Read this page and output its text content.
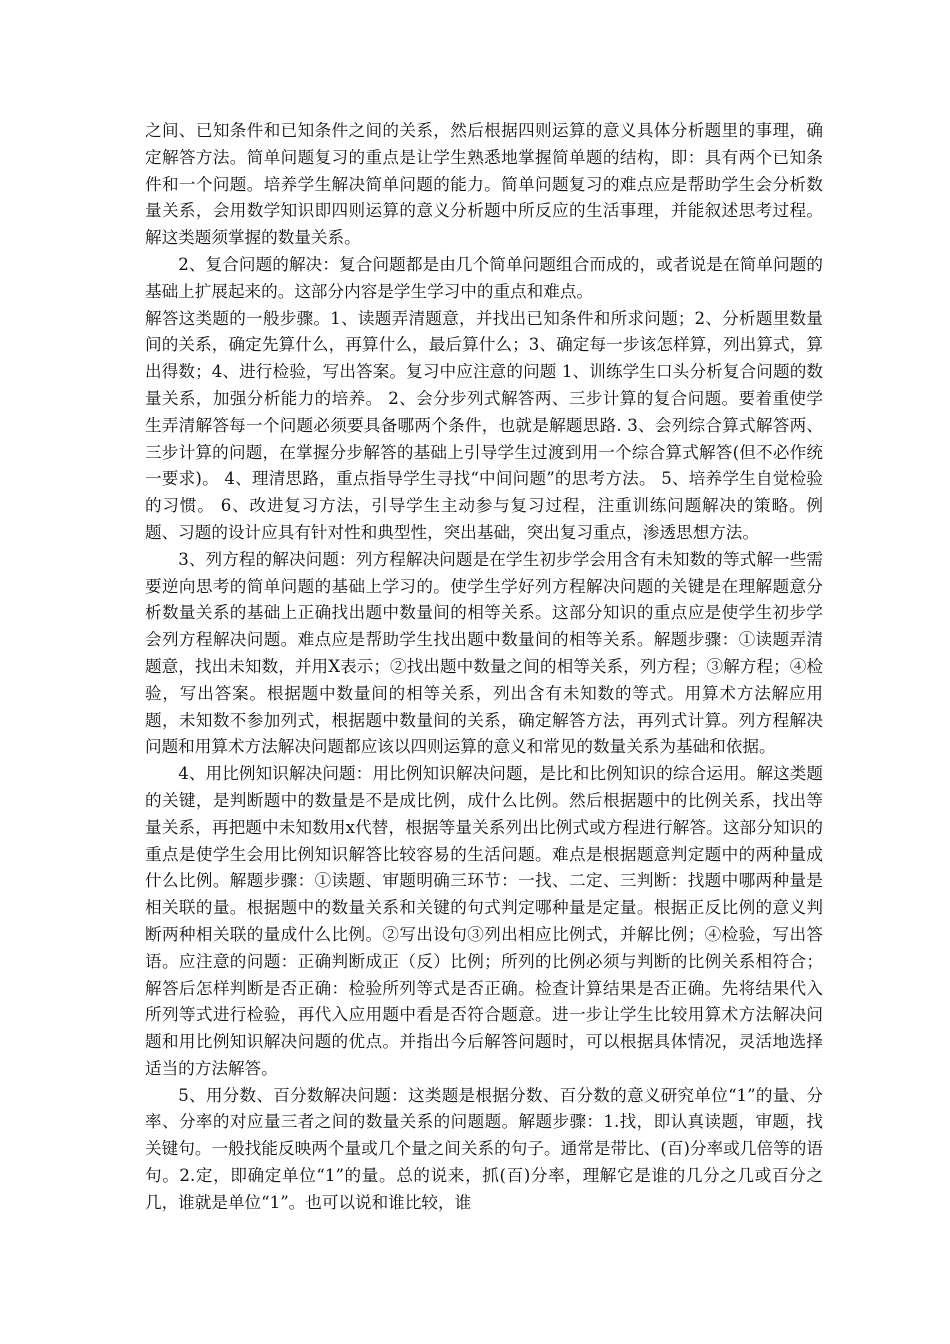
之间、已知条件和已知条件之间的关系，然后根据四则运算的意义具体分析题里的事理，确定解答方法。简单问题复习的重点是让学生熟悉地掌握简单题的结构，即：具有两个已知条件和一个问题。培养学生解决简单问题的能力。简单问题复习的难点应是帮助学生会分析数量关系，会用数学知识即四则运算的意义分析题中所反应的生活事理，并能叙述思考过程。解这类题须掌握的数量关系。

2、复合问题的解决：复合问题都是由几个简单问题组合而成的，或者说是在简单问题的基础上扩展起来的。这部分内容是学生学习中的重点和难点。

解答这类题的一般步骤。1、读题弄清题意，并找出已知条件和所求问题；2、分析题里数量间的关系，确定先算什么，再算什么，最后算什么；3、确定每一步该怎样算，列出算式，算出得数；4、进行检验，写出答案。复习中应注意的问题 1、训练学生口头分析复合问题的数量关系，加强分析能力的培养。 2、会分步列式解答两、三步计算的复合问题。要着重使学生弄清解答每一个问题必须要具备哪两个条件，也就是解题思路. 3、会列综合算式解答两、三步计算的问题，在掌握分步解答的基础上引导学生过渡到用一个综合算式解答(但不必作统一要求)。 4、理清思路，重点指导学生寻找“中间问题”的思考方法。 5、培养学生自觉检验的习惯。 6、改进复习方法，引导学生主动参与复习过程，注重训练问题解决的策略。例题、习题的设计应具有针对性和典型性，突出基础，突出复习重点，渗透思想方法。

3、列方程的解决问题：列方程解决问题是在学生初步学会用含有未知数的等式解一些需要逆向思考的简单问题的基础上学习的。使学生学好列方程解决问题的关键是在理解题意分析数量关系的基础上正确找出题中数量间的相等关系。这部分知识的重点应是使学生初步学会列方程解决问题。难点应是帮助学生找出题中数量间的相等关系。解题步骤：①读题弄清题意，找出未知数，并用X表示；②找出题中数量之间的相等关系，列方程；③解方程；④检验，写出答案。根据题中数量间的相等关系，列出含有未知数的等式。用算术方法解应用题，未知数不参加列式，根据题中数量间的关系，确定解答方法，再列式计算。列方程解决问题和用算术方法解决问题都应该以四则运算的意义和常见的数量关系为基础和依据。

4、用比例知识解决问题：用比例知识解决问题，是比和比例知识的综合运用。解这类题的关键，是判断题中的数量是不是成比例，成什么比例。然后根据题中的比例关系，找出等量关系，再把题中未知数用x代替，根据等量关系列出比例式或方程进行解答。这部分知识的重点是使学生会用比例知识解答比较容易的生活问题。难点是根据题意判定题中的两种量成什么比例。解题步骤：①读题、审题明确三环节：一找、二定、三判断：找题中哪两种量是相关联的量。根据题中的数量关系和关键的句式判定哪种量是定量。根据正反比例的意义判断两种相关联的量成什么比例。②写出设句③列出相应比例式，并解比例；④检验，写出答语。应注意的问题：正确判断成正（反）比例；所列的比例必须与判断的比例关系相符合；解答后怎样判断是否正确：检验所列等式是否正确。检查计算结果是否正确。先将结果代入所列等式进行检验，再代入应用题中看是否符合题意。进一步让学生比较用算术方法解决问题和用比例知识解决问题的优点。并指出今后解答问题时，可以根据具体情况，灵活地选择适当的方法解答。

5、用分数、百分数解决问题：这类题是根据分数、百分数的意义研究单位“1”的量、分率、分率的对应量三者之间的数量关系的问题题。解题步骤：1.找，即认真读题，审题，找关键句。一般找能反映两个量或几个量之间关系的句子。通常是带比、(百)分率或几倍等的语句。2.定，即确定单位“1”的量。总的说来，抓(百)分率，理解它是谁的几分之几或百分之几，谁就是单位“1”。也可以说和谁比较，谁
